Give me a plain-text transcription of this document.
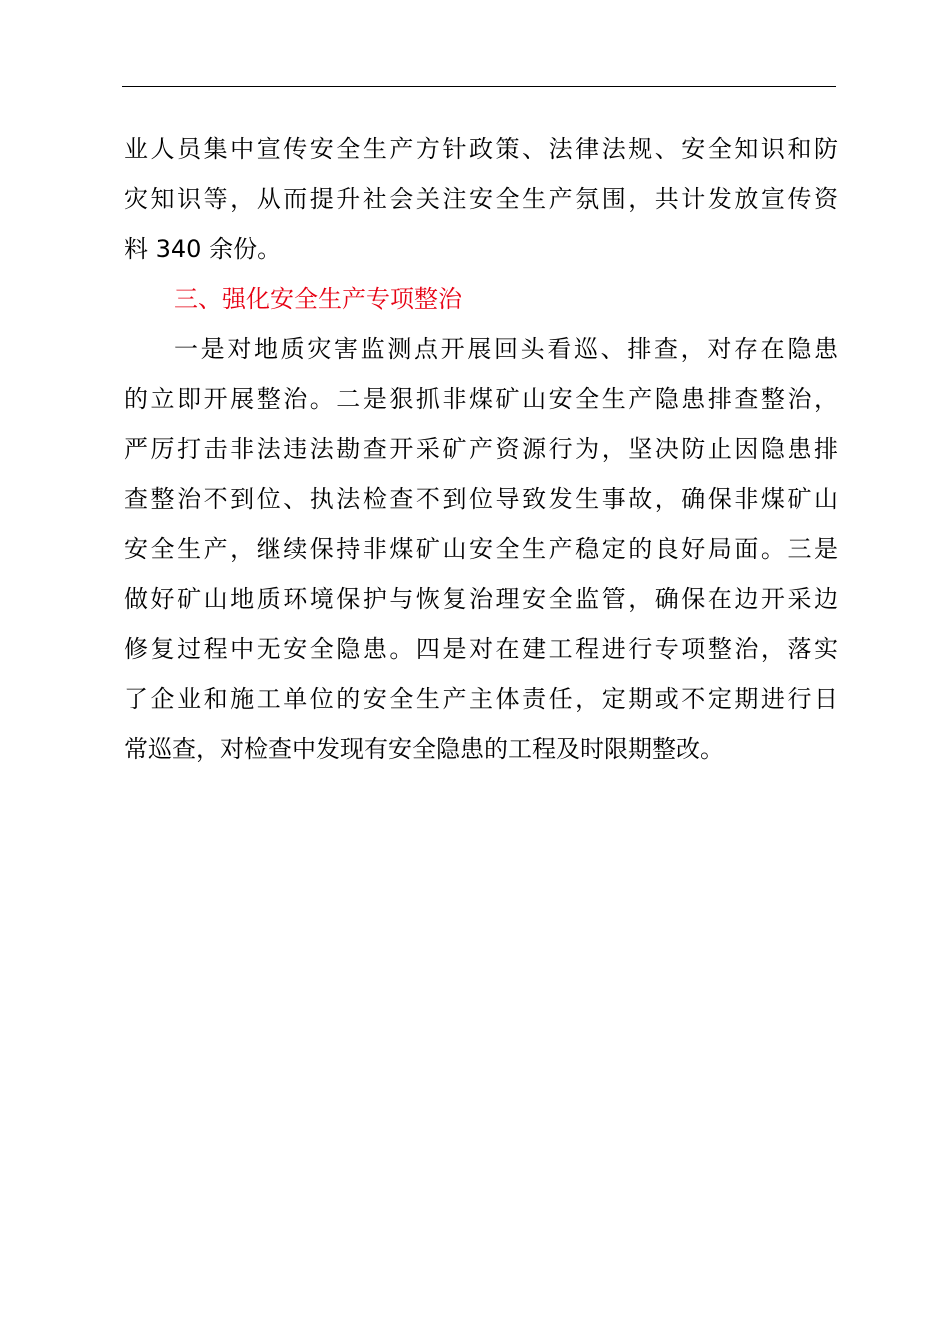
业人员集中宣传安全生产方针政策、法律法规、安全知识和防
灾知识等，从而提升社会关注安全生产氛围，共计发放宣传资
料 340 余份。
三、强化安全生产专项整治
一是对地质灾害监测点开展回头看巡、排查，对存在隐患
的立即开展整治。二是狠抓非煤矿山安全生产隐患排查整治，
严厉打击非法违法勘查开采矿产资源行为，坚决防止因隐患排
查整治不到位、执法检查不到位导致发生事故，确保非煤矿山
安全生产，继续保持非煤矿山安全生产稳定的良好局面。三是
做好矿山地质环境保护与恢复治理安全监管，确保在边开采边
修复过程中无安全隐患。四是对在建工程进行专项整治，落实
了企业和施工单位的安全生产主体责任，定期或不定期进行日
常巡查，对检查中发现有安全隐患的工程及时限期整改。
